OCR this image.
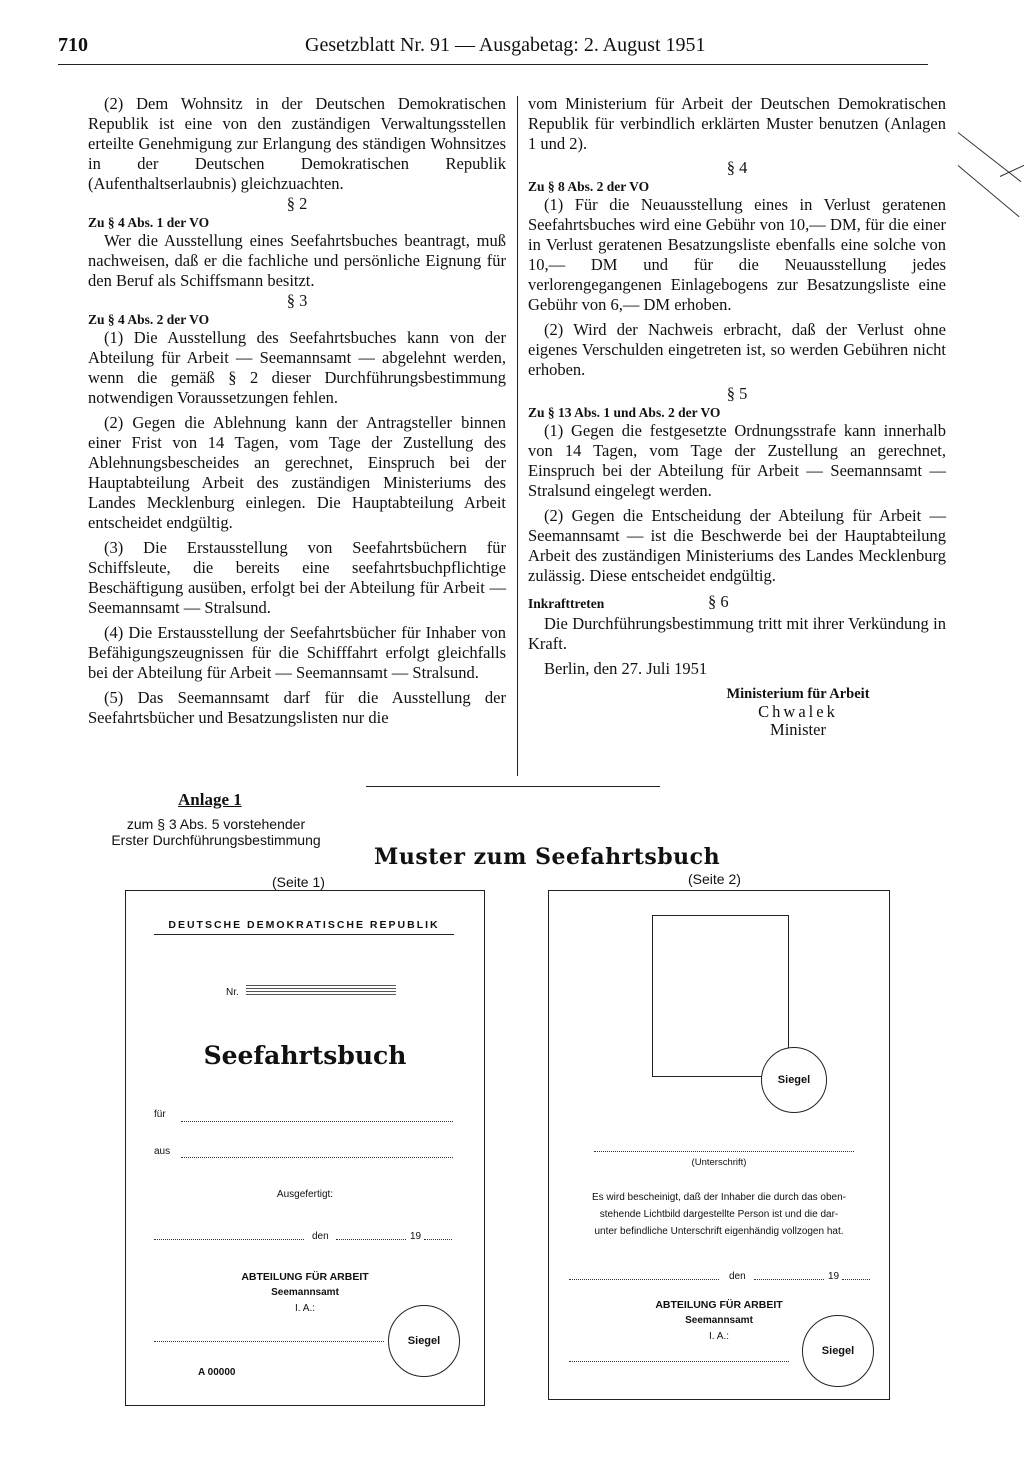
710	Gesetzblatt Nr. 91 — Ausgabetag: 2. August 1951

(2) Dem Wohnsitz in der Deutschen Demokratischen Republik ist eine von den zuständigen Verwaltungsstellen erteilte Genehmigung zur Erlangung des ständigen Wohnsitzes in der Deutschen Demokratischen Republik (Aufenthaltserlaubnis) gleichzuachten.

§ 2

Zu § 4 Abs. 1 der VO

Wer die Ausstellung eines Seefahrtsbuches beantragt, muß nachweisen, daß er die fachliche und persönliche Eignung für den Beruf als Schiffsmann besitzt.

§ 3

Zu § 4 Abs. 2 der VO

(1) Die Ausstellung des Seefahrtsbuches kann von der Abteilung für Arbeit — Seemannsamt — abgelehnt werden, wenn die gemäß § 2 dieser Durchführungsbestimmung notwendigen Voraussetzungen fehlen.

(2) Gegen die Ablehnung kann der Antragsteller binnen einer Frist von 14 Tagen, vom Tage der Zustellung des Ablehnungsbescheides an gerechnet, Einspruch bei der Hauptabteilung Arbeit des zuständigen Ministeriums des Landes Mecklenburg einlegen. Die Hauptabteilung Arbeit entscheidet endgültig.

(3) Die Erstausstellung von Seefahrtsbüchern für Schiffsleute, die bereits eine seefahrtsbuchpflichtige Beschäftigung ausüben, erfolgt bei der Abteilung für Arbeit — Seemannsamt — Stralsund.

(4) Die Erstausstellung der Seefahrtsbücher für Inhaber von Befähigungszeugnissen für die Schifffahrt erfolgt gleichfalls bei der Abteilung für Arbeit — Seemannsamt — Stralsund.

(5) Das Seemannsamt darf für die Ausstellung der Seefahrtsbücher und Besatzungslisten nur die

vom Ministerium für Arbeit der Deutschen Demokratischen Republik für verbindlich erklärten Muster benutzen (Anlagen 1 und 2).

§ 4

Zu § 8 Abs. 2 der VO

(1) Für die Neuausstellung eines in Verlust geratenen Seefahrtsbuches wird eine Gebühr von 10,— DM, für die einer in Verlust geratenen Besatzungsliste ebenfalls eine solche von 10,— DM und für die Neuausstellung jedes verlorengegangenen Einlagebogens zur Besatzungsliste eine Gebühr von 6,— DM erhoben.

(2) Wird der Nachweis erbracht, daß der Verlust ohne eigenes Verschulden eingetreten ist, so werden Gebühren nicht erhoben.

§ 5

Zu § 13 Abs. 1 und Abs. 2 der VO

(1) Gegen die festgesetzte Ordnungsstrafe kann innerhalb von 14 Tagen, vom Tage der Zustellung an gerechnet, Einspruch bei der Abteilung für Arbeit — Seemannsamt — Stralsund eingelegt werden.

(2) Gegen die Entscheidung der Abteilung für Arbeit — Seemannsamt — ist die Beschwerde bei der Hauptabteilung Arbeit des zuständigen Ministeriums des Landes Mecklenburg zulässig. Diese entscheidet endgültig.

Inkrafttreten	§ 6

Die Durchführungsbestimmung tritt mit ihrer Verkündung in Kraft.

Berlin, den 27. Juli 1951

Ministerium für Arbeit

Chwalek

Minister

Anlage 1
zum § 3 Abs. 5 vorstehender
Erster Durchführungsbestimmung
Muster zum Seefahrtsbuch
(Seite 1)	(Seite 2)
DEUTSCHE DEMOKRATISCHE REPUBLIK
Nr.
Seefahrtsbuch
für
aus
Ausgefertigt:
den	19
ABTEILUNG FÜR ARBEIT
Seemannsamt
I. A.:
Siegel
A 00000
Siegel
(Unterschrift)
Es wird bescheinigt, daß der Inhaber die durch das oben-
stehende Lichtbild dargestellte Person ist und die dar-
unter befindliche Unterschrift eigenhändig vollzogen hat.
den	19
ABTEILUNG FÜR ARBEIT
Seemannsamt
I. A.:
Siegel
